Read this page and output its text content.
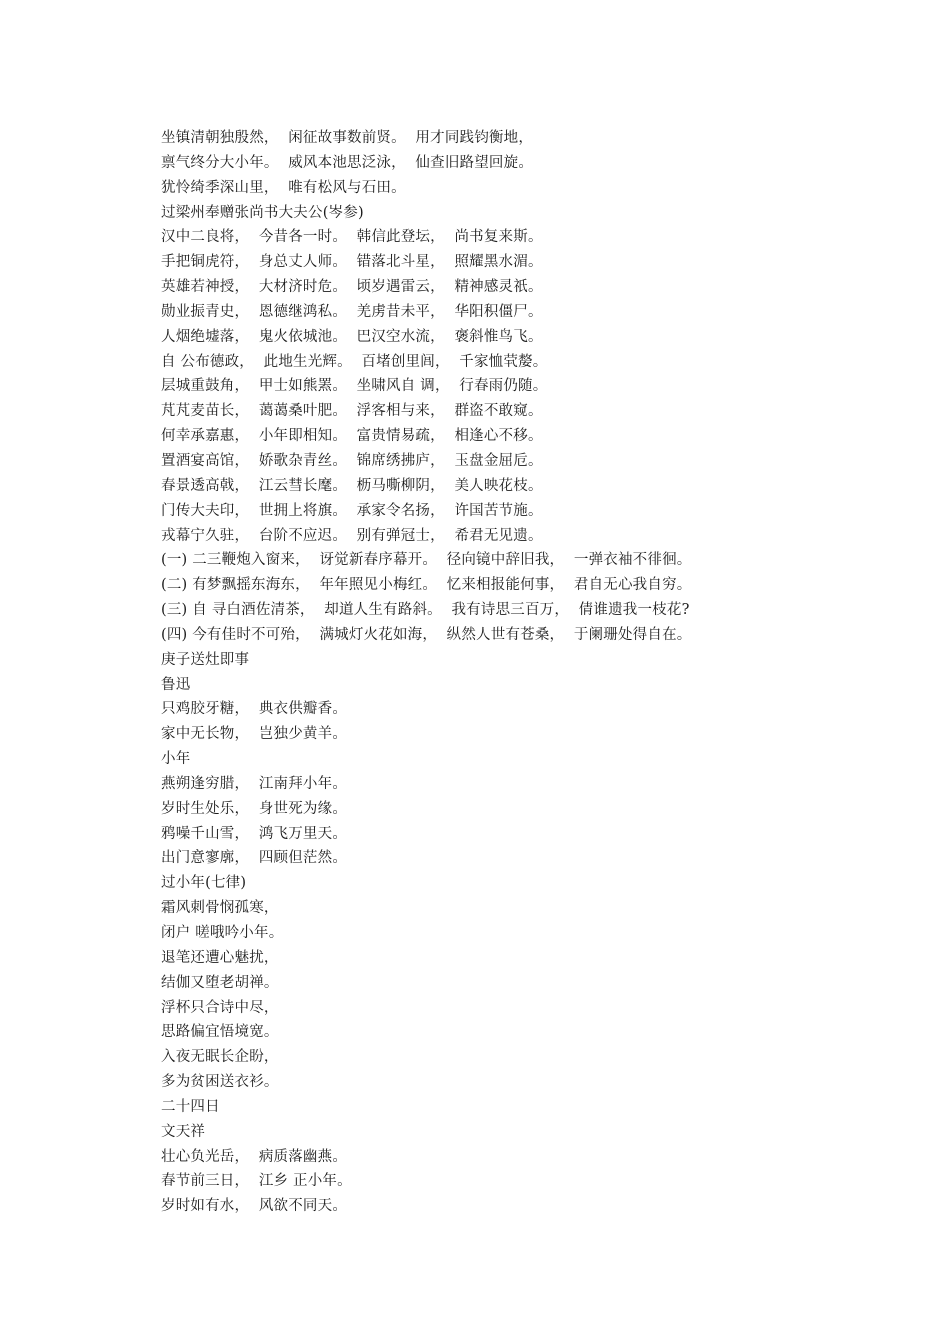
坐镇清朝独殷然，  闲征故事数前贤。  用才同践钧衡地，
禀气终分大小年。  威风本池思泛泳，  仙查旧路望回旋。
犹怜绮季深山里，  唯有松风与石田。
过梁州奉赠张尚书大夫公(岑参)
汉中二良将，  今昔各一时。  韩信此登坛，  尚书复来斯。
手把铜虎符，  身总丈人师。  错落北斗星，  照耀黑水湄。
英雄若神授，  大材济时危。  顷岁遇雷云，  精神感灵祇。
勋业振青史，  恩德继鸿私。  羌虏昔未平，  华阳积僵尸。
人烟绝墟落，  鬼火依城池。  巴汉空水流，  褒斜惟鸟飞。
自 公布德政，  此地生光辉。  百堵创里闾，  千家恤茕嫠。
层城重鼓角，  甲士如熊罴。  坐啸风自 调，  行春雨仍随。
芃芃麦苗长，  蔼蔼桑叶肥。  浮客相与来，  群盗不敢窥。
何幸承嘉惠，  小年即相知。  富贵情易疏，  相逢心不移。
置酒宴高馆，  娇歌杂青丝。  锦席绣拂庐，  玉盘金屈卮。
春景透高戟，  江云彗长麾。  枥马嘶柳阴，  美人映花枝。
门传大夫印，  世拥上将旗。  承家令名扬，  许国苦节施。
戎幕宁久驻，  台阶不应迟。  别有弹冠士，  希君无见遗。
(一) 二三鞭炮入窗来，  讶觉新春序幕开。  径向镜中辞旧我，  一弹衣袖不徘徊。
(二) 有梦飘摇东海东，  年年照见小梅红。  忆来相报能何事，  君自无心我自穷。
(三) 自 寻白酒佐清茶，  却道人生有路斜。  我有诗思三百万，  倩谁遗我一枝花?
(四) 今有佳时不可殆，  满城灯火花如海，  纵然人世有苍桑，  于阑珊处得自在。
庚子送灶即事
鲁迅
只鸡胶牙糖，  典衣供瓣香。
家中无长物，  岂独少黄羊。
小年
燕朔逢穷腊，  江南拜小年。
岁时生处乐，  身世死为缘。
鸦噪千山雪，  鸿飞万里天。
出门意寥廓，  四顾但茫然。
过小年(七律)
霜风刺骨悯孤寒，
闭户 嗟哦吟小年。
退笔还遭心魅扰，
结伽又堕老胡禅。
浮杯只合诗中尽，
思路偏宜悟境宽。
入夜无眠长企盼，
多为贫困送衣衫。
二十四日
文天祥
壮心负光岳，  病质落幽燕。
春节前三日，  江乡 正小年。
岁时如有水，  风欲不同天。
